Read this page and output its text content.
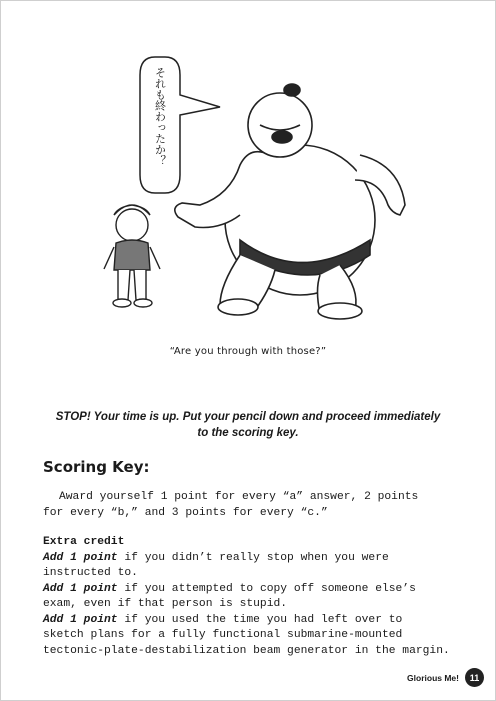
それも終わったか？
“Are you through with those?”
STOP! Your time is up. Put your pencil down and proceed immediately
to the scoring key.
Scoring Key:

Award yourself 1 point for every “a” answer, 2 points

for every “b,” and 3 points for every “c.”

Extra credit

Add 1 point if you didn’t really stop when you were

instructed to.

Add 1 point if you attempted to copy off someone else’s

exam, even if that person is stupid.

Add 1 point if you used the time you had left over to

sketch plans for a fully functional submarine-mounted

tectonic-plate-destabilization beam generator in the margin.

Glorious Me!	11
